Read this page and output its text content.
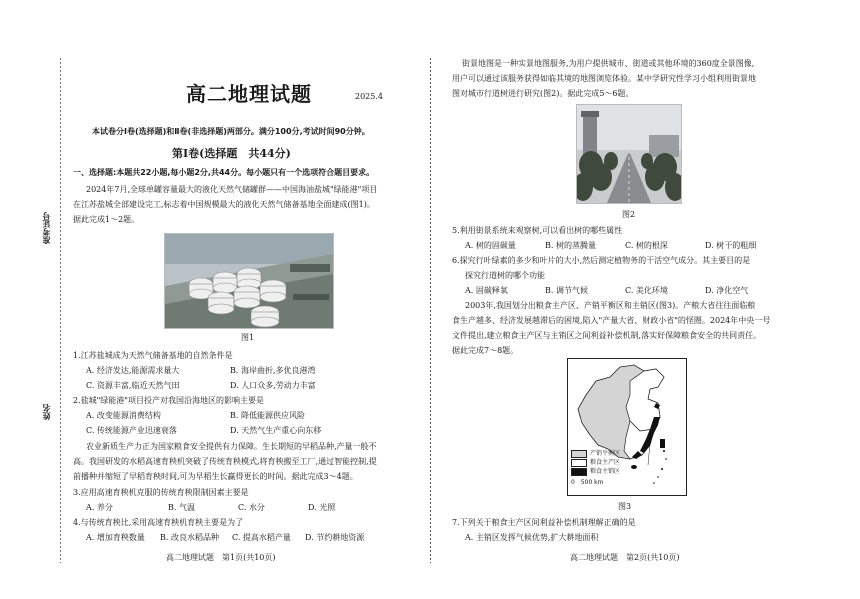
准考证号
姓名
高二地理试题	2025.4
本试卷分Ⅰ卷(选择题)和Ⅱ卷(非选择题)两部分。满分100分,考试时间90分钟。
第Ⅰ卷(选择题　共44分)
一、选择题:本题共22小题,每小题2分,共44分。每小题只有一个选项符合题目要求。
2024年7月,全球单罐容量最大的液化天然气储罐群——中国海油盐城"绿能港"项目
在江苏盐城全部建设完工,标志着中国规模最大的液化天然气储备基地全面建成(图1)。
据此完成1～2题。
图1
1.江苏盐城成为天然气储备基地的自然条件是
A. 经济发达,能源需求量大	B. 海岸曲折,多优良港湾
C. 资源丰富,临近天然气田	D. 人口众多,劳动力丰富
2.盐城"绿能港"项目投产对我国沿海地区的影响主要是
A. 改变能源消费结构	B. 降低能源供应风险
C. 传统能源产业迅速衰落	D. 天然气生产重心向东移
农业新质生产力正为国家粮食安全提供有力保障。生长期短的早稻品种,产量一般不
高。我国研发的水稻高速育秧机突破了传统育秧模式,将育秧搬至工厂,通过智能控制,提
前播种并缩短了早稻育秧时间,可为早稻生长赢得更长的时间。据此完成3～4题。
3.应用高速育秧机克服的传统育秧限制因素主要是
A. 养分	B. 气温	C. 水分	D. 光照
4.与传统育秧比,采用高速育秧机育秧主要是为了
A. 增加育秧数量 B. 改良水稻品种 C. 提高水稻产量 D. 节约耕地资源
高二地理试题　第1页(共10页)
街景地图是一种实景地图服务,为用户提供城市、街道或其他环境的360度全景图像,
用户可以通过该服务获得如临其境的地图浏览体验。某中学研究性学习小组利用街景地
图对城市行道树进行研究(图2)。据此完成5～6题。
图2
5.利用街景系统来观察树,可以看出树的哪些属性
A. 树的固碳量	B. 树的蒸腾量	C. 树的根深	D. 树干的粗细
6.探究行叶绿素的多少和叶片的大小,然后测定植物务的干活空气成分。其主要目的是
探究行道树的哪个功能
A. 固碳释氧	B. 调节气候	C. 美化环境	D. 净化空气
2003年,我国划分出粮食主产区、产销平衡区和主销区(图3)。产粮大省往往面临粮
食生产越多、经济发展越滞后的困境,陷入"产量大省、财政小省"的怪圈。2024年中央一号
文件提出,建立粮食主产区与主销区之间利益补偿机制,落实好保障粮食安全的共同责任。
据此完成7～8题。
产销平衡区
粮食主产区
粮食主销区
0　500 km
图3
7.下列关于粮食主产区间利益补偿机制理解正确的是
A. 主销区发挥气候优势,扩大耕地面积
高二地理试题　第2页(共10页)
